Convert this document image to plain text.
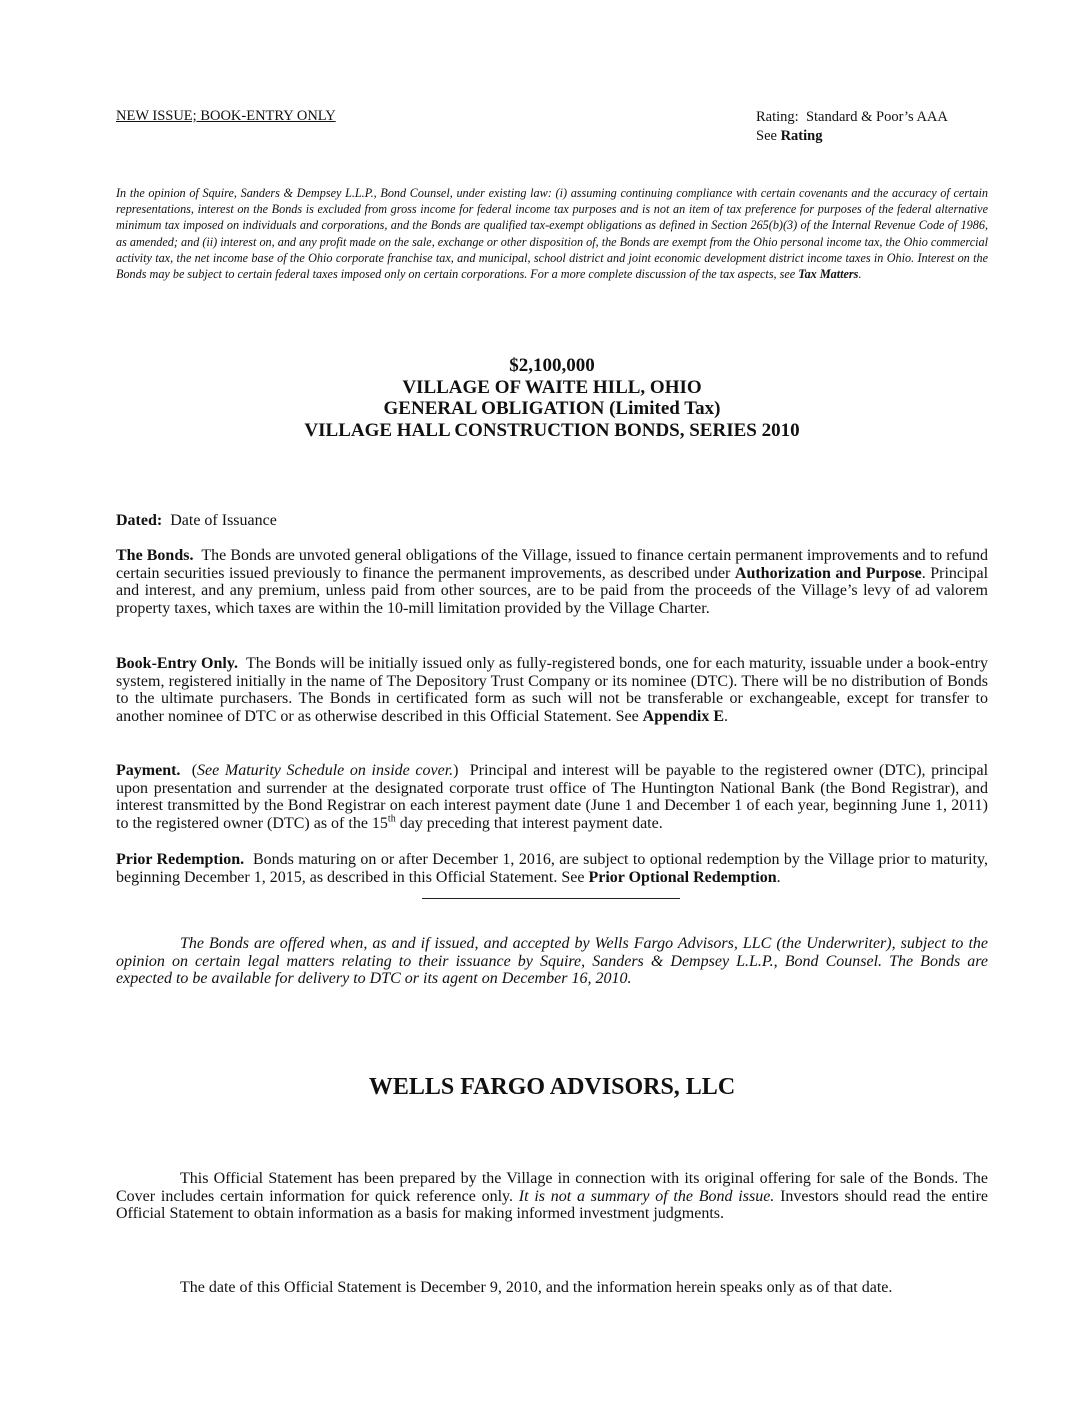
NEW ISSUE; BOOK-ENTRY ONLY	Rating: Standard & Poor’s AAA
See Rating
In the opinion of Squire, Sanders & Dempsey L.L.P., Bond Counsel, under existing law: (i) assuming continuing compliance with certain covenants and the accuracy of certain representations, interest on the Bonds is excluded from gross income for federal income tax purposes and is not an item of tax preference for purposes of the federal alternative minimum tax imposed on individuals and corporations, and the Bonds are qualified tax-exempt obligations as defined in Section 265(b)(3) of the Internal Revenue Code of 1986, as amended; and (ii) interest on, and any profit made on the sale, exchange or other disposition of, the Bonds are exempt from the Ohio personal income tax, the Ohio commercial activity tax, the net income base of the Ohio corporate franchise tax, and municipal, school district and joint economic development district income taxes in Ohio. Interest on the Bonds may be subject to certain federal taxes imposed only on certain corporations. For a more complete discussion of the tax aspects, see Tax Matters.
$2,100,000
VILLAGE OF WAITE HILL, OHIO
GENERAL OBLIGATION (Limited Tax)
VILLAGE HALL CONSTRUCTION BONDS, SERIES 2010
Dated: Date of Issuance
The Bonds. The Bonds are unvoted general obligations of the Village, issued to finance certain permanent improvements and to refund certain securities issued previously to finance the permanent improvements, as described under Authorization and Purpose. Principal and interest, and any premium, unless paid from other sources, are to be paid from the proceeds of the Village’s levy of ad valorem property taxes, which taxes are within the 10-mill limitation provided by the Village Charter.
Book-Entry Only. The Bonds will be initially issued only as fully-registered bonds, one for each maturity, issuable under a book-entry system, registered initially in the name of The Depository Trust Company or its nominee (DTC). There will be no distribution of Bonds to the ultimate purchasers. The Bonds in certificated form as such will not be transferable or exchangeable, except for transfer to another nominee of DTC or as otherwise described in this Official Statement. See Appendix E.
Payment.  (See Maturity Schedule on inside cover.)  Principal and interest will be payable to the registered owner (DTC), principal upon presentation and surrender at the designated corporate trust office of The Huntington National Bank (the Bond Registrar), and interest transmitted by the Bond Registrar on each interest payment date (June 1 and December 1 of each year, beginning June 1, 2011) to the registered owner (DTC) as of the 15th day preceding that interest payment date.
Prior Redemption. Bonds maturing on or after December 1, 2016, are subject to optional redemption by the Village prior to maturity, beginning December 1, 2015, as described in this Official Statement. See Prior Optional Redemption.
The Bonds are offered when, as and if issued, and accepted by Wells Fargo Advisors, LLC (the Underwriter), subject to the opinion on certain legal matters relating to their issuance by Squire, Sanders & Dempsey L.L.P., Bond Counsel. The Bonds are expected to be available for delivery to DTC or its agent on December 16, 2010.
WELLS FARGO ADVISORS, LLC
This Official Statement has been prepared by the Village in connection with its original offering for sale of the Bonds. The Cover includes certain information for quick reference only. It is not a summary of the Bond issue. Investors should read the entire Official Statement to obtain information as a basis for making informed investment judgments.
The date of this Official Statement is December 9, 2010, and the information herein speaks only as of that date.
